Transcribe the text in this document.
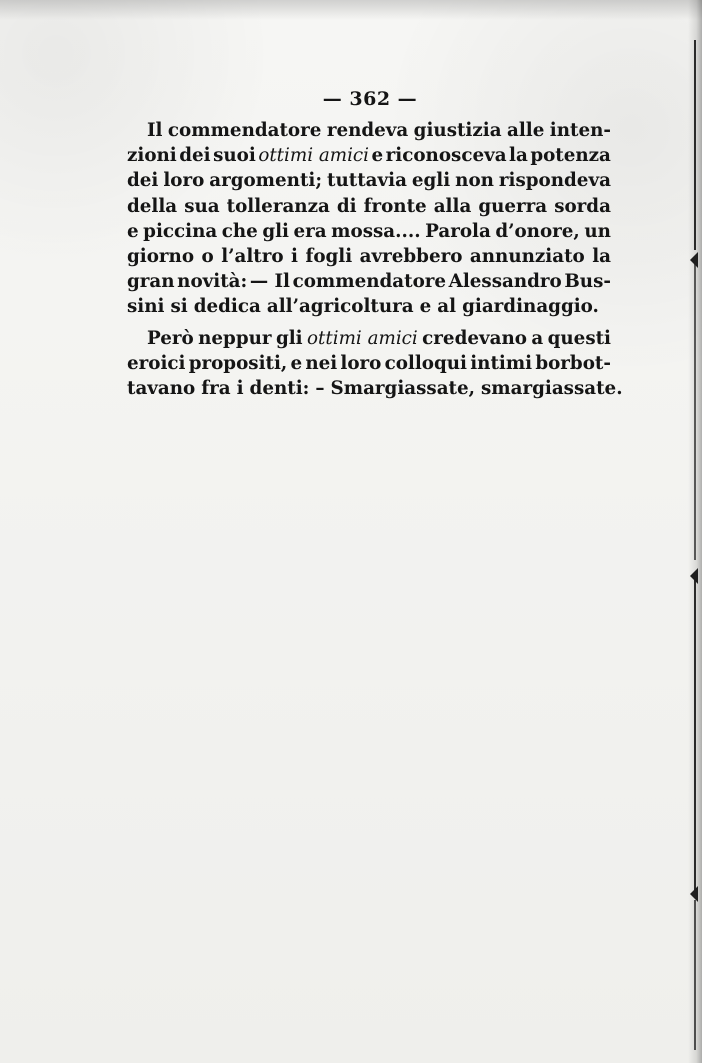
— 362 —
Il commendatore rendeva giustizia alle inten-
zioni dei suoi ottimi amici e riconosceva la potenza
dei loro argomenti; tuttavia egli non rispondeva
della sua tolleranza di fronte alla guerra sorda
e piccina che gli era mossa.... Parola d’onore, un
giorno o l’altro i fogli avrebbero annunziato la
gran novità: — Il commendatore Alessandro Bus-
sini si dedica all’agricoltura e al giardinaggio.
Però neppur gli ottimi amici credevano a questi
eroici propositi, e nei loro colloqui intimi borbot-
tavano fra i denti: – Smargiassate, smargiassate.
